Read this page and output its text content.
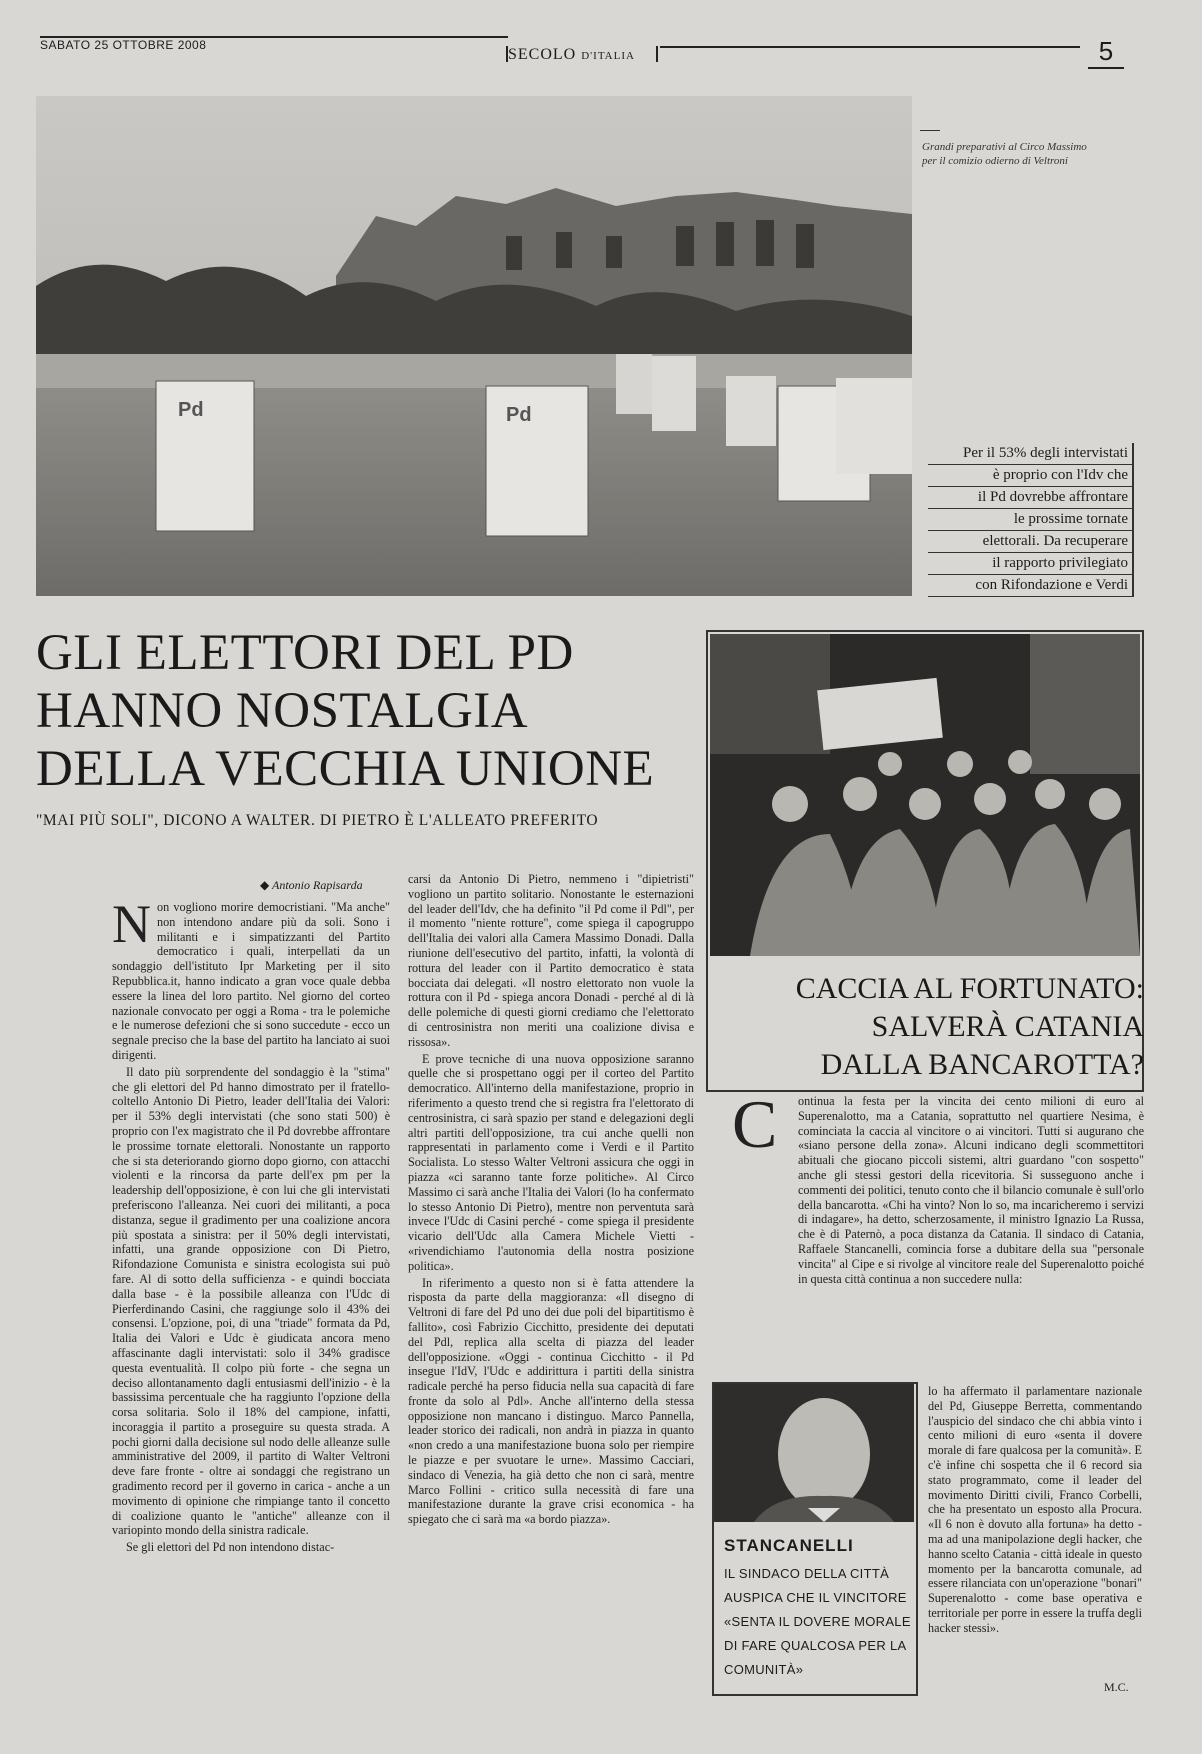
SABATO 25 OTTOBRE 2008
SECOLO D'ITALIA	5
Pd	Pd
Grandi preparativi al Circo Massimo per il comizio odierno di Veltroni
Per il 53% degli intervistati
è proprio con l'Idv che
il Pd dovrebbe affrontare
le prossime tornate
elettorali. Da recuperare
il rapporto privilegiato
con Rifondazione e Verdi
GLI ELETTORI DEL PD
HANNO NOSTALGIA
DELLA VECCHIA UNIONE
"MAI PIÙ SOLI", DICONO A WALTER. DI PIETRO È L'ALLEATO PREFERITO
◆ Antonio Rapisarda

Non vogliono morire democristiani. "Ma anche" non intendono andare più da soli. Sono i militanti e i simpatizzanti del Partito democratico i quali, interpellati da un sondaggio dell'istituto Ipr Marketing per il sito Repubblica.it, hanno indicato a gran voce quale debba essere la linea del loro partito. Nel giorno del corteo nazionale convocato per oggi a Roma - tra le polemiche e le numerose defezioni che si sono succedute - ecco un segnale preciso che la base del partito ha lanciato ai suoi dirigenti.

Il dato più sorprendente del sondaggio è la "stima" che gli elettori del Pd hanno dimostrato per il fratello-coltello Antonio Di Pietro, leader dell'Italia dei Valori: per il 53% degli intervistati (che sono stati 500) è proprio con l'ex magistrato che il Pd dovrebbe affrontare le prossime tornate elettorali. Nonostante un rapporto che si sta deteriorando giorno dopo giorno, con attacchi violenti e la rincorsa da parte dell'ex pm per la leadership dell'opposizione, è con lui che gli intervistati preferiscono l'alleanza. Nei cuori dei militanti, a poca distanza, segue il gradimento per una coalizione ancora più spostata a sinistra: per il 50% degli intervistati, infatti, una grande opposizione con Di Pietro, Rifondazione Comunista e sinistra ecologista sui può fare. Al di sotto della sufficienza - e quindi bocciata dalla base - è la possibile alleanza con l'Udc di Pierferdinando Casini, che raggiunge solo il 43% dei consensi. L'opzione, poi, di una "triade" formata da Pd, Italia dei Valori e Udc è giudicata ancora meno affascinante dagli intervistati: solo il 34% gradisce questa eventualità. Il colpo più forte - che segna un deciso allontanamento dagli entusiasmi dell'inizio - è la bassissima percentuale che ha raggiunto l'opzione della corsa solitaria. Solo il 18% del campione, infatti, incoraggia il partito a proseguire su questa strada. A pochi giorni dalla decisione sul nodo delle alleanze sulle amministrative del 2009, il partito di Walter Veltroni deve fare fronte - oltre ai sondaggi che registrano un gradimento record per il governo in carica - anche a un movimento di opinione che rimpiange tanto il concetto di coalizione quanto le "antiche" alleanze con il variopinto mondo della sinistra radicale.

Se gli elettori del Pd non intendono distac-

carsi da Antonio Di Pietro, nemmeno i "dipietristi" vogliono un partito solitario. Nonostante le esternazioni del leader dell'Idv, che ha definito "il Pd come il Pdl", per il momento "niente rotture", come spiega il capogruppo dell'Italia dei valori alla Camera Massimo Donadi. Dalla riunione dell'esecutivo del partito, infatti, la volontà di rottura del leader con il Partito democratico è stata bocciata dai delegati. «Il nostro elettorato non vuole la rottura con il Pd - spiega ancora Donadi - perché al di là delle polemiche di questi giorni crediamo che l'elettorato di centrosinistra non meriti una coalizione divisa e rissosa».

E prove tecniche di una nuova opposizione saranno quelle che si prospettano oggi per il corteo del Partito democratico. All'interno della manifestazione, proprio in riferimento a questo trend che si registra fra l'elettorato di centrosinistra, ci sarà spazio per stand e delegazioni degli altri partiti dell'opposizione, tra cui anche quelli non rappresentati in parlamento come i Verdi e il Partito Socialista. Lo stesso Walter Veltroni assicura che oggi in piazza «ci saranno tante forze politiche». Al Circo Massimo ci sarà anche l'Italia dei Valori (lo ha confermato lo stesso Antonio Di Pietro), mentre non perventuta sarà invece l'Udc di Casini perché - come spiega il presidente vicario dell'Udc alla Camera Michele Vietti - «rivendichiamo l'autonomia della nostra posizione politica».

In riferimento a questo non si è fatta attendere la risposta da parte della maggioranza: «Il disegno di Veltroni di fare del Pd uno dei due poli del bipartitismo è fallito», così Fabrizio Cicchitto, presidente dei deputati del Pdl, replica alla scelta di piazza del leader dell'opposizione. «Oggi - continua Cicchitto - il Pd insegue l'IdV, l'Udc e addirittura i partiti della sinistra radicale perché ha perso fiducia nella sua capacità di fare fronte da solo al Pdl». Anche all'interno della stessa opposizione non mancano i distinguo. Marco Pannella, leader storico dei radicali, non andrà in piazza in quanto «non credo a una manifestazione buona solo per riempire le piazze e per svuotare le urne». Massimo Cacciari, sindaco di Venezia, ha già detto che non ci sarà, mentre Marco Follini - critico sulla necessità di fare una manifestazione durante la grave crisi economica - ha spiegato che ci sarà ma «a bordo piazza».

CACCIA AL FORTUNATO:
SALVERÀ CATANIA
DALLA BANCAROTTA?

C	ontinua la festa per la vincita dei cento milioni di euro al Superenalotto, ma a Catania, soprattutto nel quartiere Nesima, è cominciata la caccia al vincitore o ai vincitori. Tutti si augurano che «siano persone della zona». Alcuni indicano degli scommettitori abituali che giocano piccoli sistemi, altri guardano "con sospetto" anche gli stessi gestori della ricevitoria. Si susseguono anche i commenti dei politici, tenuto conto che il bilancio comunale è sull'orlo della bancarotta. «Chi ha vinto? Non lo so, ma incaricheremo i servizi di indagare», ha detto, scherzosamente, il ministro Ignazio La Russa, che è di Paternò, a poca distanza da Catania. Il sindaco di Catania, Raffaele Stancanelli, comincia forse a dubitare della sua "personale vincita" al Cipe e si rivolge al vincitore reale del Superenalotto poiché in questa città continua a non succedere nulla:

STANCANELLI
IL SINDACO DELLA CITTÀ AUSPICA CHE IL VINCITORE «SENTA IL DOVERE MORALE DI FARE QUALCOSA PER LA COMUNITÀ»
lo ha affermato il parlamentare nazionale del Pd, Giuseppe Berretta, commentando l'auspicio del sindaco che chi abbia vinto i cento milioni di euro «senta il dovere morale di fare qualcosa per la comunità». E c'è infine chi sospetta che il 6 record sia stato programmato, come il leader del movimento Diritti civili, Franco Corbelli, che ha presentato un esposto alla Procura. «Il 6 non è dovuto alla fortuna» ha detto - ma ad una manipolazione degli hacker, che hanno scelto Catania - città ideale in questo momento per la bancarotta comunale, ad essere rilanciata con un'operazione "bonari" Superenalotto - come base operativa e territoriale per porre in essere la truffa degli hacker stessi».
M.C.
